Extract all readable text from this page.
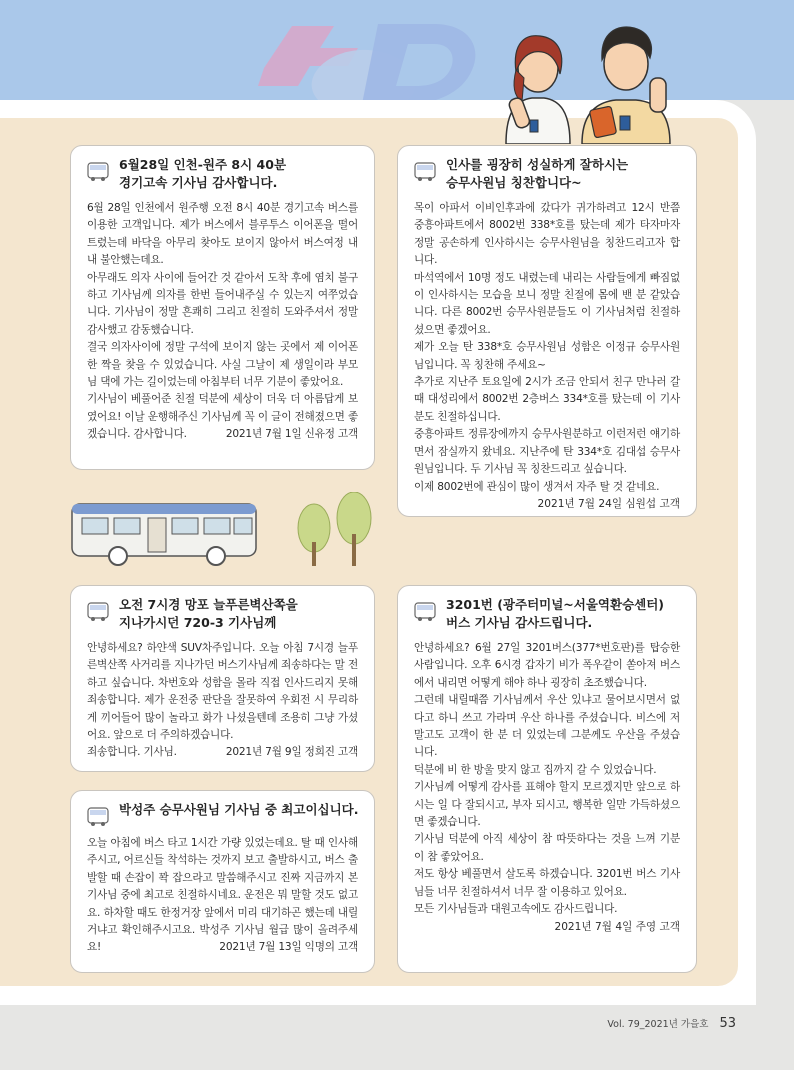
6월28일 인천-원주 8시 40분
경기고속 기사님 감사합니다.

6월 28일 인천에서 원주행 오전 8시 40분 경기고속 버스를 이용한 고객입니다. 제가 버스에서 블루투스 이어폰을 떨어트렸는데 바닥을 아무리 찾아도 보이지 않아서 버스여정 내내 불안했는데요.

아무래도 의자 사이에 들어간 것 같아서 도착 후에 염치 불구하고 기사님께 의자를 한번 들어내주실 수 있는지 여쭈었습니다. 기사님이 정말 흔쾌히 그리고 친절히 도와주셔서 정말 감사했고 감동했습니다.

결국 의자사이에 정말 구석에 보이지 않는 곳에서 제 이어폰 한 짝을 찾을 수 있었습니다. 사실 그날이 제 생일이라 부모님 댁에 가는 길이었는데 아침부터 너무 기분이 좋았어요.

기사님이 베풀어준 친절 덕분에 세상이 더욱 더 아름답게 보였어요! 이날 운행해주신 기사님께 꼭 이 글이 전해졌으면 좋겠습니다. 감사합니다.	2021년 7월 1일 신유정 고객

인사를 굉장히 성실하게 잘하시는
승무사원님 칭찬합니다~

목이 아파서 이비인후과에 갔다가 귀가하려고 12시 반쯤 중흥아파트에서 8002번 338*호를 탔는데 제가 타자마자 정말 공손하게 인사하시는 승무사원님을 칭찬드리고자 합니다.

마석역에서 10명 정도 내렸는데 내리는 사람들에게 빠짐없이 인사하시는 모습을 보니 정말 친절에 몸에 밴 분 같았습니다. 다른 8002번 승무사원분들도 이 기사님처럼 친절하셨으면 좋겠어요.

제가 오늘 탄 338*호 승무사원님 성함은 이정규 승무사원님입니다. 꼭 칭찬해 주세요~

추가로 지난주 토요일에 2시가 조금 안되서 친구 만나러 갈 때 대성리에서 8002번 2층버스 334*호를 탔는데 이 기사분도 친절하십니다.

중흥아파트 정류장에까지 승무사원분하고 이런저런 얘기하면서 잠실까지 왔네요. 지난주에 탄 334*호 김대섭 승무사원님입니다. 두 기사님 꼭 칭찬드리고 싶습니다.

이제 8002번에 관심이 많이 생겨서 자주 탈 것 같네요.

2021년 7월 24일 심원섭 고객
오전 7시경 망포 늘푸른벽산쪽을
지나가시던 720-3 기사님께

안녕하세요? 하얀색 SUV차주입니다. 오늘 아침 7시경 늘푸른벽산쪽 사거리를 지나가던 버스기사님께 죄송하다는 말 전하고 싶습니다. 차번호와 성함을 몰라 직접 인사드리지 못해 죄송합니다. 제가 운전중 판단을 잘못하여 우회전 시 무리하게 끼어들어 많이 놀라고 화가 나셨을텐데 조용히 그냥 가셨어요. 앞으로 더 주의하겠습니다.

죄송합니다. 기사님.	2021년 7월 9일 정희진 고객

박성주 승무사원님 기사님 중 최고이십니다.

오늘 아침에 버스 타고 1시간 가량 있었는데요. 탈 때 인사해주시고, 어르신들 착석하는 것까지 보고 출발하시고, 버스 출발할 때 손잡이 꽉 잡으라고 말씀해주시고 진짜 지금까지 본 기사님 중에 최고로 친절하시네요. 운전은 뭐 말할 것도 없고요. 하차할 때도 한정거장 앞에서 미리 대기하곤 했는데 내릴거냐고 확인해주시고요. 박성주 기사님 월급 많이 올려주세요!	2021년 7월 13일 익명의 고객

3201번 (광주터미널~서울역환승센터)
버스 기사님 감사드립니다.

안녕하세요? 6월 27일 3201버스(377*번호판)를 탑승한 사람입니다. 오후 6시경 갑자기 비가 폭우같이 쏟아져 버스에서 내리면 어떻게 해야 하나 굉장히 초조했습니다.

그런데 내릴때쯤 기사님께서 우산 있냐고 물어보시면서 없다고 하니 쓰고 가라며 우산 하나를 주셨습니다. 비스에 저 말고도 고객이 한 분 더 있었는데 그분께도 우산을 주셨습니다.

덕분에 비 한 방울 맞지 않고 집까지 갈 수 있었습니다.

기사님께 어떻게 감사를 표해야 할지 모르겠지만 앞으로 하시는 일 다 잘되시고, 부자 되시고, 행복한 일만 가득하셨으면 좋겠습니다.

기사님 덕분에 아직 세상이 참 따뜻하다는 것을 느껴 기분이 참 좋았어요.

저도 항상 베풀면서 살도록 하겠습니다. 3201번 버스 기사님들 너무 친절하셔서 너무 잘 이용하고 있어요.

모든 기사님들과 대원고속에도 감사드립니다.

2021년 7월 4일 주영 고객
Vol. 79_2021년 가을호 53
